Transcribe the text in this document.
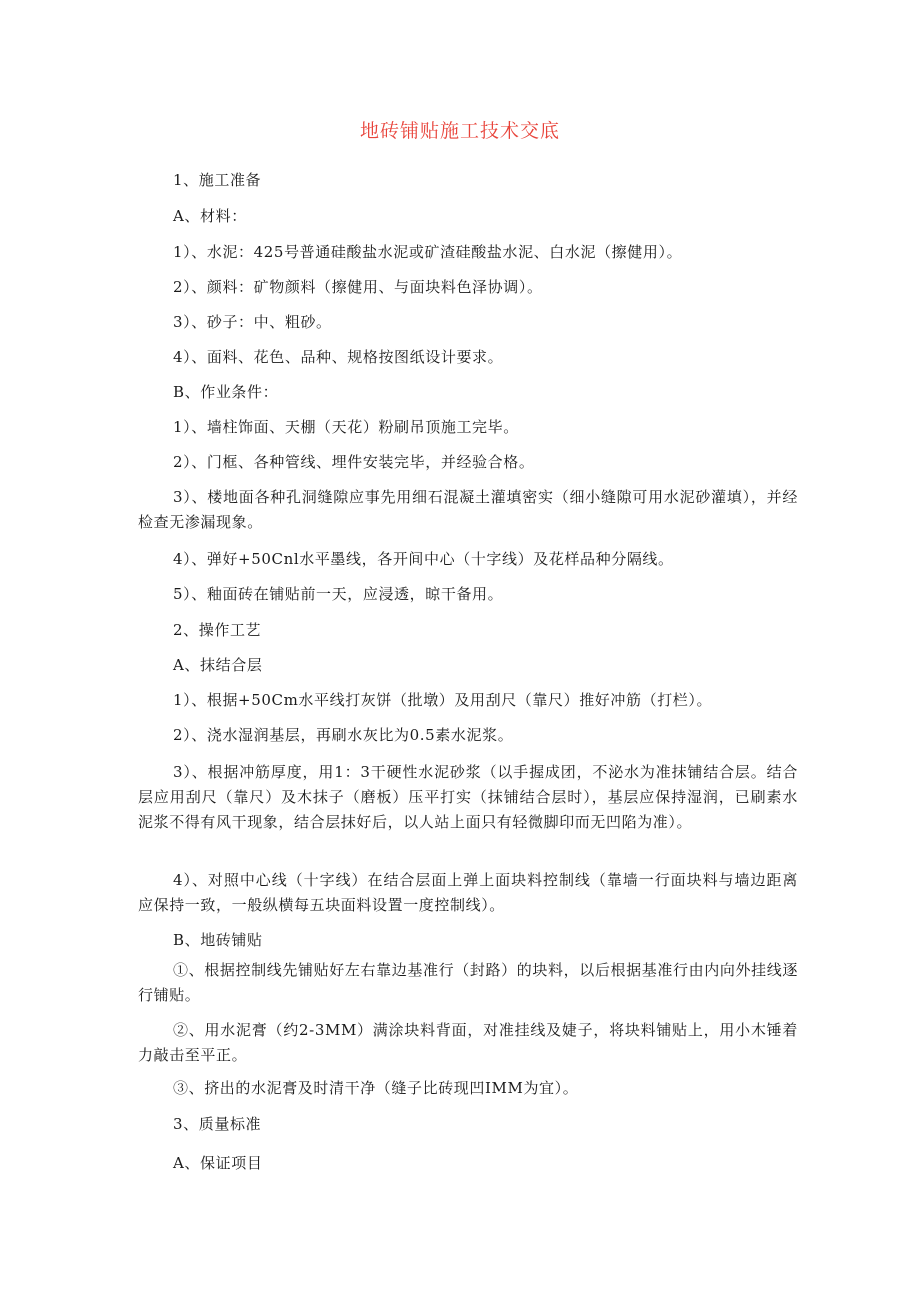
地砖铺贴施工技术交底
1、施工准备
A、材料：
1）、水泥：425号普通硅酸盐水泥或矿渣硅酸盐水泥、白水泥（擦健用）。
2）、颜料：矿物颜料（擦健用、与面块料色泽协调）。
3）、砂子：中、粗砂。
4）、面料、花色、品种、规格按图纸设计要求。
B、作业条件：
1）、墙柱饰面、天棚（天花）粉刷吊顶施工完毕。
2）、门框、各种管线、埋件安装完毕，并经验合格。
3）、楼地面各种孔洞缝隙应事先用细石混凝土灌填密实（细小缝隙可用水泥砂灌填），并经检查无渗漏现象。
4）、弹好+50Cnl水平墨线，各开间中心（十字线）及花样品种分隔线。
5）、釉面砖在铺贴前一天，应浸透，晾干备用。
2、操作工艺
A、抹结合层
1）、根据+50Cm水平线打灰饼（批墩）及用刮尺（靠尺）推好冲筋（打栏）。
2）、浇水湿润基层，再刷水灰比为0.5素水泥浆。
3）、根据冲筋厚度，用1：3干硬性水泥砂浆（以手握成团，不泌水为准抹铺结合层。结合层应用刮尺（靠尺）及木抹子（磨板）压平打实（抹铺结合层时），基层应保持湿润，已刷素水泥浆不得有风干现象，结合层抹好后，以人站上面只有轻微脚印而无凹陷为准）。
4）、对照中心线（十字线）在结合层面上弹上面块料控制线（靠墙一行面块料与墙边距离应保持一致，一般纵横每五块面料设置一度控制线）。
B、地砖铺贴
①、根据控制线先铺贴好左右靠边基准行（封路）的块料，以后根据基准行由内向外挂线逐行铺贴。
②、用水泥膏（约2-3MM）满涂块料背面，对准挂线及婕子，将块料铺贴上，用小木锤着力敲击至平正。
③、挤出的水泥膏及时清干净（缝子比砖现凹IMM为宜）。
3、质量标准
A、保证项目
